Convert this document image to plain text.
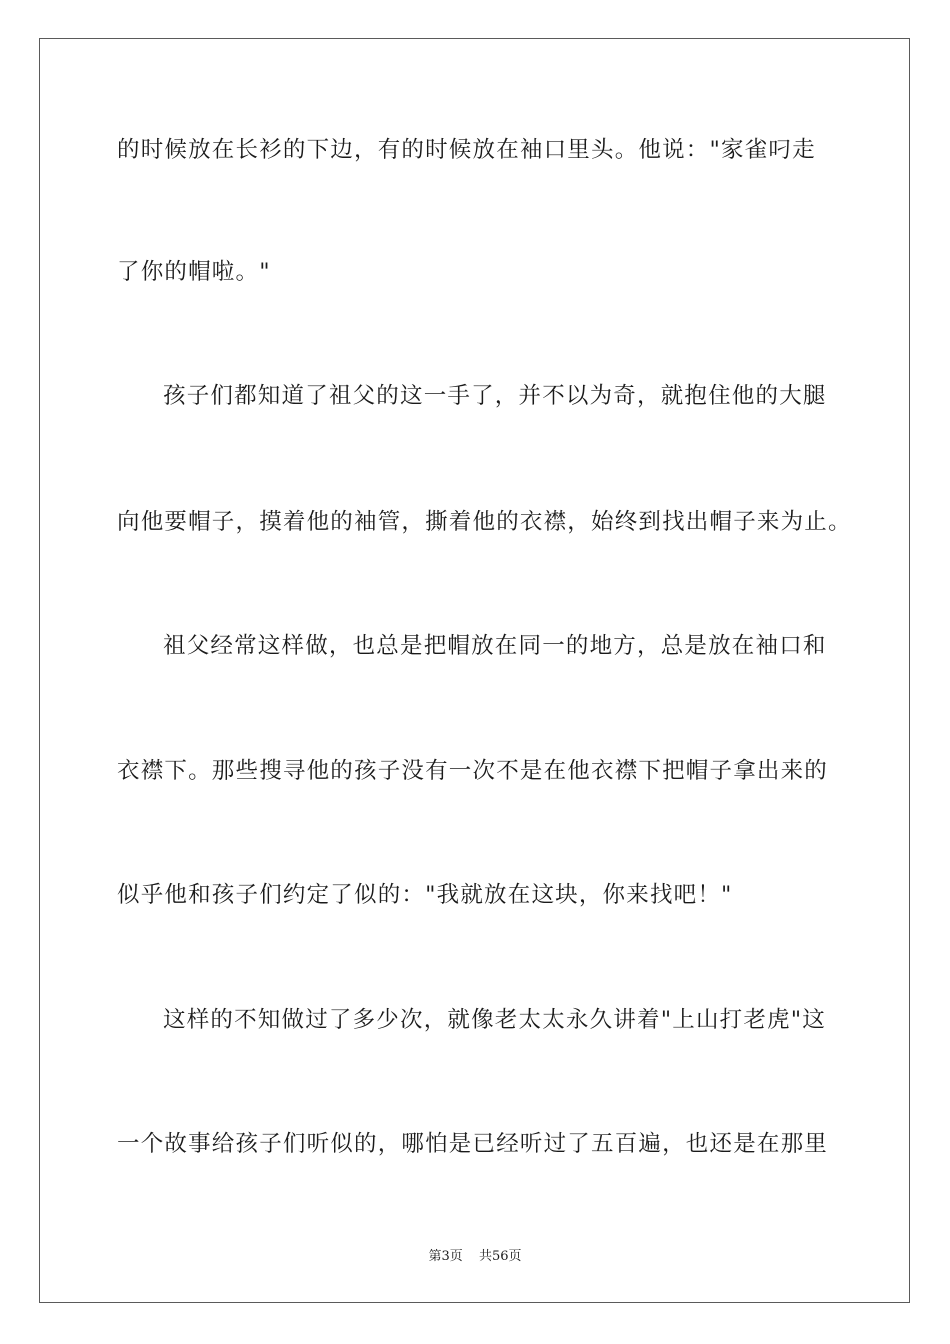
的时候放在长衫的下边，有的时候放在袖口里头。他说："家雀叼走
了你的帽啦。"
孩子们都知道了祖父的这一手了，并不以为奇，就抱住他的大腿
向他要帽子，摸着他的袖管，撕着他的衣襟，始终到找出帽子来为止。
祖父经常这样做，也总是把帽放在同一的地方，总是放在袖口和
衣襟下。那些搜寻他的孩子没有一次不是在他衣襟下把帽子拿出来的
似乎他和孩子们约定了似的："我就放在这块，你来找吧！"
这样的不知做过了多少次，就像老太太永久讲着"上山打老虎"这
一个故事给孩子们听似的，哪怕是已经听过了五百遍，也还是在那里
第3页 共56页
